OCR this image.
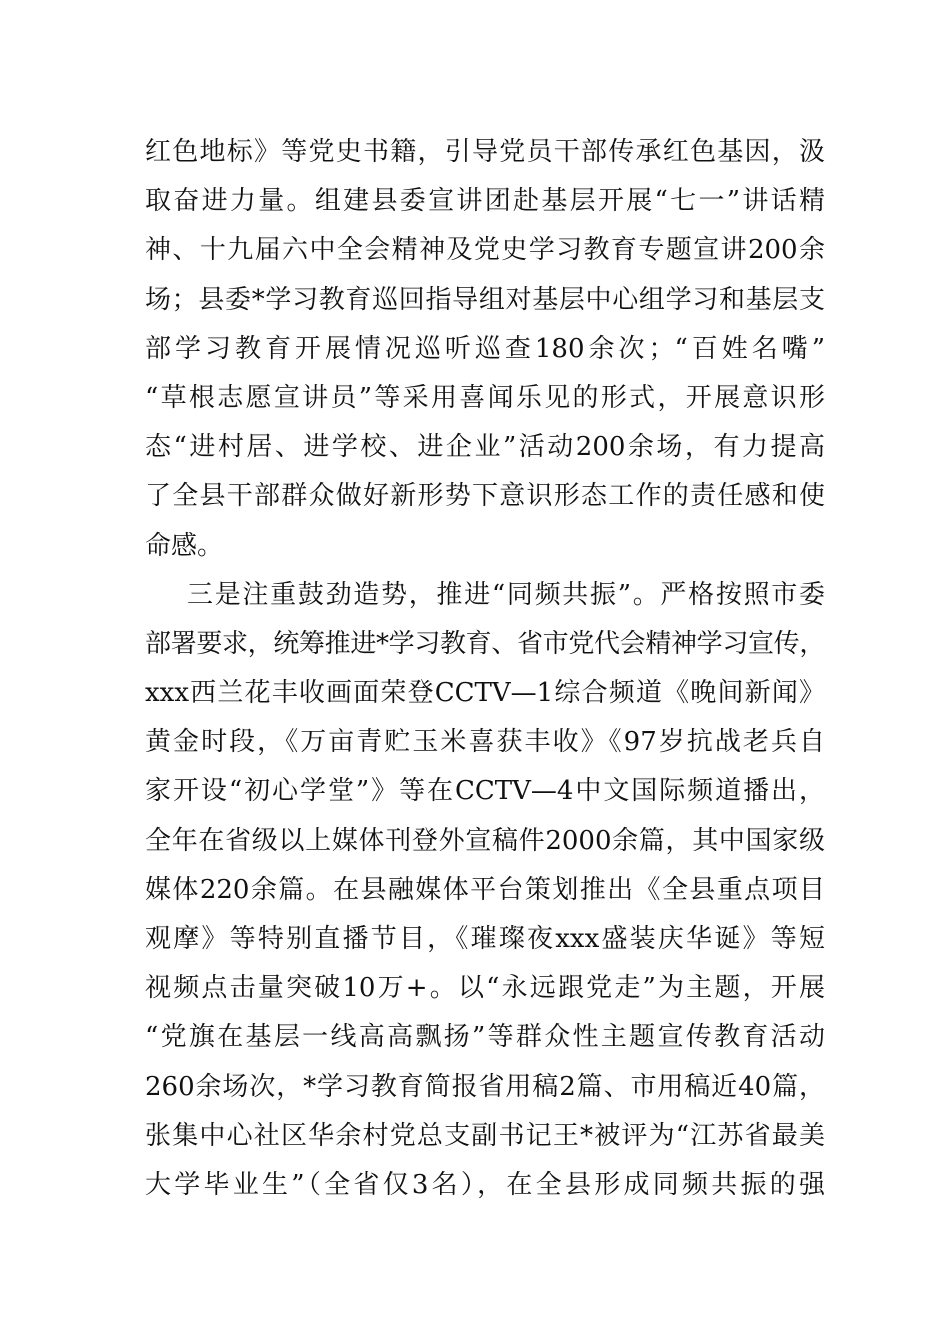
红色地标》等党史书籍，引导党员干部传承红色基因，汲
取奋进力量。组建县委宣讲团赴基层开展“七一”讲话精
神、十九届六中全会精神及党史学习教育专题宣讲200余
场；县委*学习教育巡回指导组对基层中心组学习和基层支
部学习教育开展情况巡听巡查180余次；“百姓名嘴”
“草根志愿宣讲员”等采用喜闻乐见的形式，开展意识形
态“进村居、进学校、进企业”活动200余场，有力提高
了全县干部群众做好新形势下意识形态工作的责任感和使
命感。
三是注重鼓劲造势，推进“同频共振”。严格按照市委
部署要求，统筹推进*学习教育、省市党代会精神学习宣传，
xxx西兰花丰收画面荣登CCTV—1综合频道《晚间新闻》
黄金时段，《万亩青贮玉米喜获丰收》《97岁抗战老兵自
家开设“初心学堂”》等在CCTV—4中文国际频道播出，
全年在省级以上媒体刊登外宣稿件2000余篇，其中国家级
媒体220余篇。在县融媒体平台策划推出《全县重点项目
观摩》等特别直播节目，《璀璨夜xxx盛装庆华诞》等短
视频点击量突破10万+。以“永远跟党走”为主题，开展
“党旗在基层一线高高飘扬”等群众性主题宣传教育活动
260余场次，*学习教育简报省用稿2篇、市用稿近40篇，
张集中心社区华余村党总支副书记王*被评为“江苏省最美
大学毕业生”（全省仅3名），在全县形成同频共振的强
